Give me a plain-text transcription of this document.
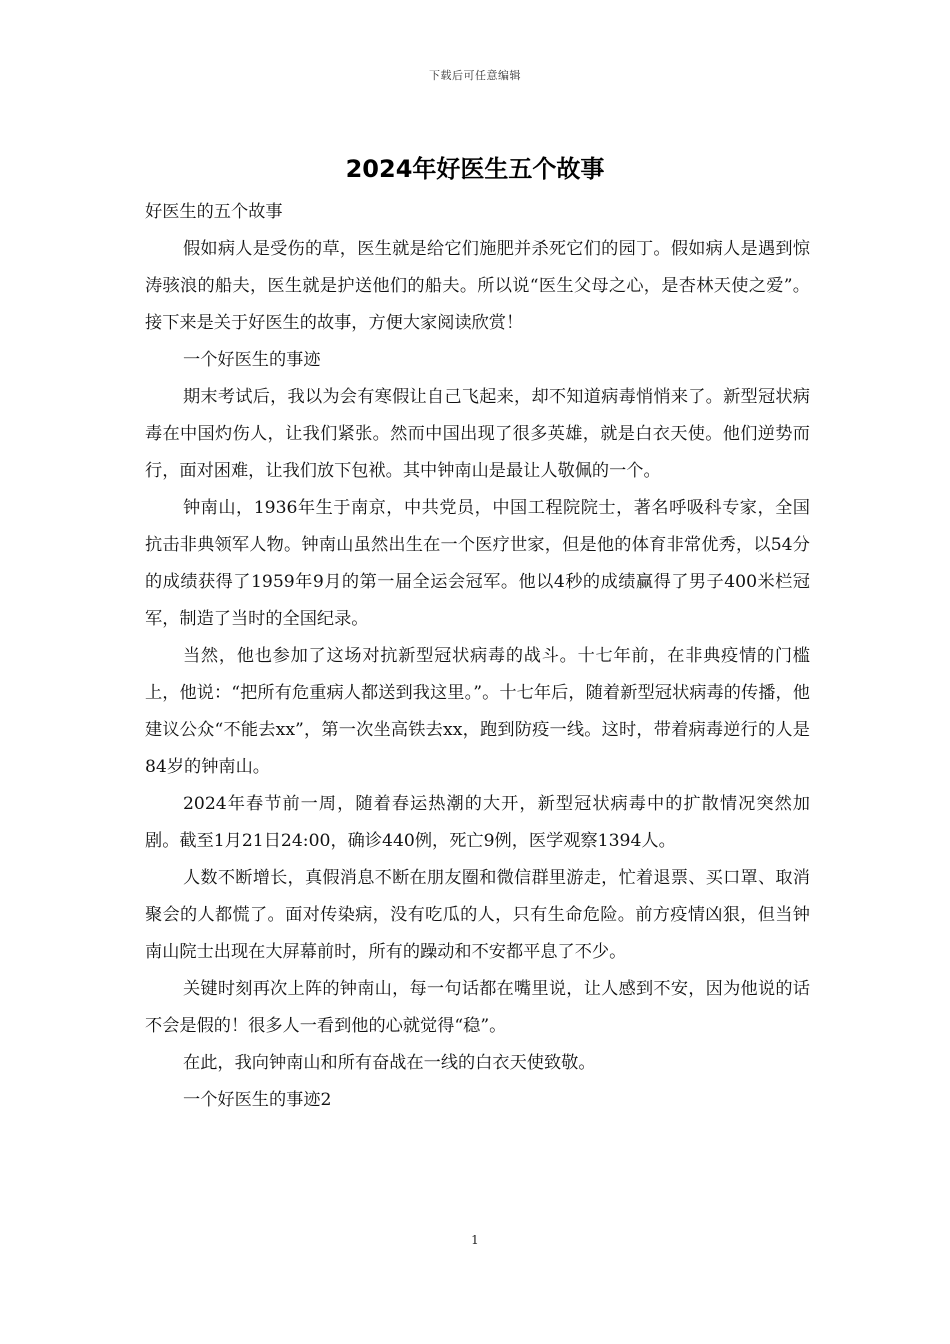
下载后可任意编辑
2024年好医生五个故事

好医生的五个故事

假如病人是受伤的草，医生就是给它们施肥并杀死它们的园丁。假如病人是遇到惊涛骇浪的船夫，医生就是护送他们的船夫。所以说“医生父母之心，是杏林天使之爱”。接下来是关于好医生的故事，方便大家阅读欣赏！

一个好医生的事迹

期末考试后，我以为会有寒假让自己飞起来，却不知道病毒悄悄来了。新型冠状病毒在中国灼伤人，让我们紧张。然而中国出现了很多英雄，就是白衣天使。他们逆势而行，面对困难，让我们放下包袱。其中钟南山是最让人敬佩的一个。

钟南山，1936年生于南京，中共党员，中国工程院院士，著名呼吸科专家，全国抗击非典领军人物。钟南山虽然出生在一个医疗世家，但是他的体育非常优秀，以54分的成绩获得了1959年9月的第一届全运会冠军。他以4秒的成绩赢得了男子400米栏冠军，制造了当时的全国纪录。

当然，他也参加了这场对抗新型冠状病毒的战斗。十七年前，在非典疫情的门槛上，他说：“把所有危重病人都送到我这里。”。十七年后，随着新型冠状病毒的传播，他建议公众“不能去xx”，第一次坐高铁去xx，跑到防疫一线。这时，带着病毒逆行的人是84岁的钟南山。

2024年春节前一周，随着春运热潮的大开，新型冠状病毒中的扩散情况突然加剧。截至1月21日24:00，确诊440例，死亡9例，医学观察1394人。

人数不断增长，真假消息不断在朋友圈和微信群里游走，忙着退票、买口罩、取消聚会的人都慌了。面对传染病，没有吃瓜的人，只有生命危险。前方疫情凶狠，但当钟南山院士出现在大屏幕前时，所有的躁动和不安都平息了不少。

关键时刻再次上阵的钟南山，每一句话都在嘴里说，让人感到不安，因为他说的话不会是假的！很多人一看到他的心就觉得“稳”。

在此，我向钟南山和所有奋战在一线的白衣天使致敬。

一个好医生的事迹2

1
